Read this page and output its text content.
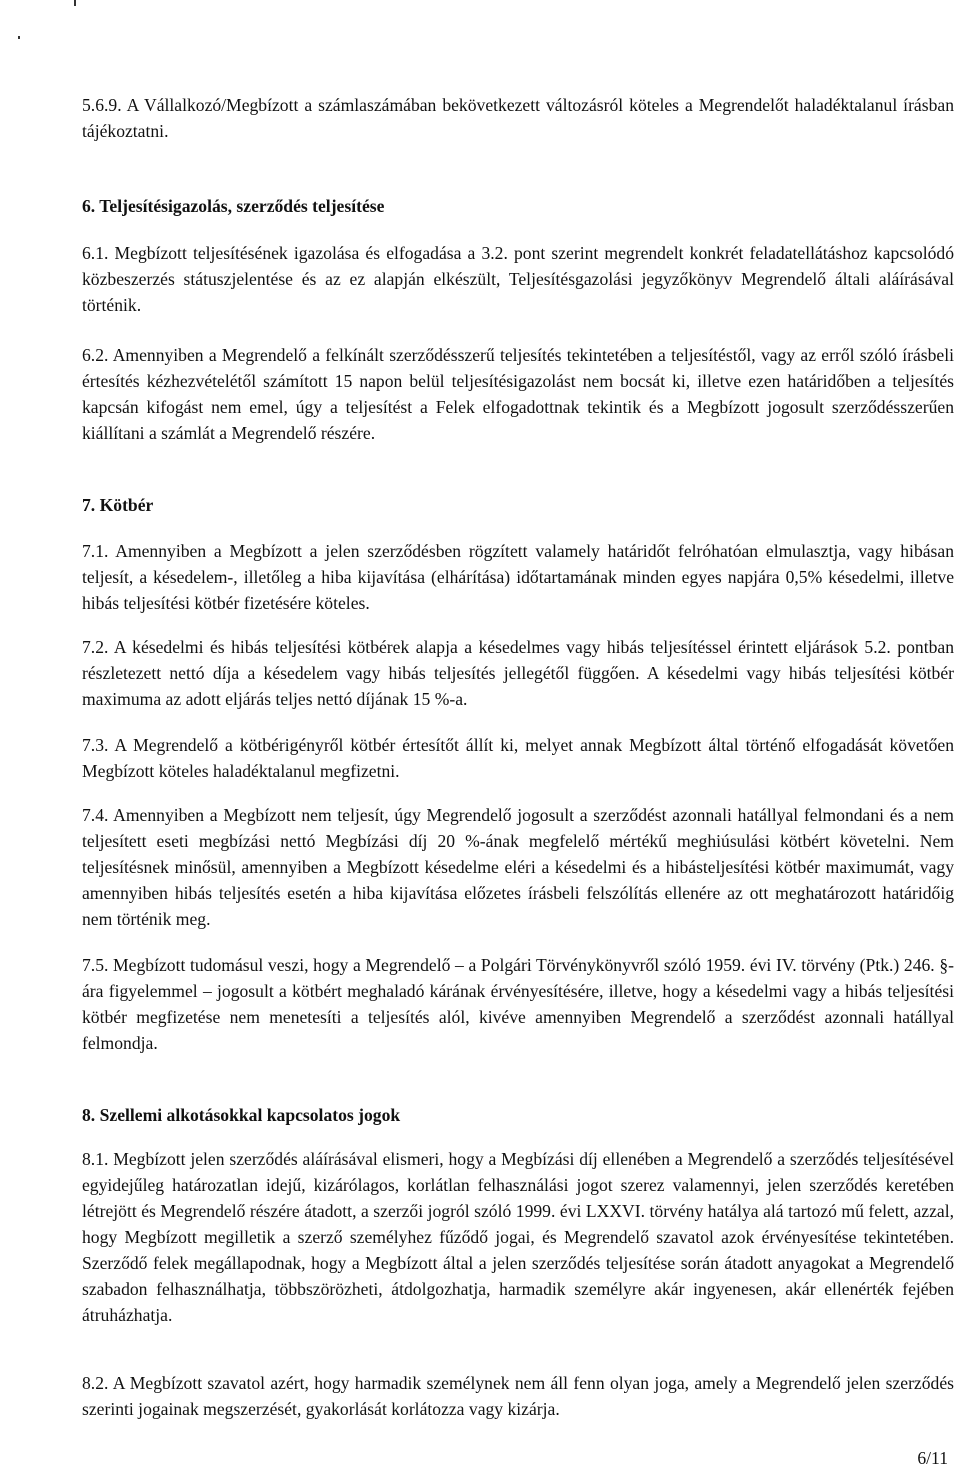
5.6.9. A Vállalkozó/Megbízott a számlaszámában bekövetkezett változásról köteles a Megrendelőt haladéktalanul írásban tájékoztatni.

6. Teljesítésigazolás, szerződés teljesítése

6.1. Megbízott teljesítésének igazolása és elfogadása a 3.2. pont szerint megrendelt konkrét feladatellátáshoz kapcsolódó közbeszerzés státuszjelentése és az ez alapján elkészült, Teljesítésgazolási jegyzőkönyv Megrendelő általi aláírásával történik.

6.2. Amennyiben a Megrendelő a felkínált szerződésszerű teljesítés tekintetében a teljesítéstől, vagy az erről szóló írásbeli értesítés kézhezvételétől számított 15 napon belül teljesítésigazolást nem bocsát ki, illetve ezen határidőben a teljesítés kapcsán kifogást nem emel, úgy a teljesítést a Felek elfogadottnak tekintik és a Megbízott jogosult szerződésszerűen kiállítani a számlát a Megrendelő részére.

7. Kötbér

7.1. Amennyiben a Megbízott a jelen szerződésben rögzített valamely határidőt felróhatóan elmulasztja, vagy hibásan teljesít, a késedelem-, illetőleg a hiba kijavítása (elhárítása) időtartamának minden egyes napjára 0,5% késedelmi, illetve hibás teljesítési kötbér fizetésére köteles.

7.2. A késedelmi és hibás teljesítési kötbérek alapja a késedelmes vagy hibás teljesítéssel érintett eljárások 5.2. pontban részletezett nettó díja a késedelem vagy hibás teljesítés jellegétől függően. A késedelmi vagy hibás teljesítési kötbér maximuma az adott eljárás teljes nettó díjának 15 %-a.

7.3. A Megrendelő a kötbérigényről kötbér értesítőt állít ki, melyet annak Megbízott által történő elfogadását követően Megbízott köteles haladéktalanul megfizetni.

7.4. Amennyiben a Megbízott nem teljesít, úgy Megrendelő jogosult a szerződést azonnali hatállyal felmondani és a nem teljesített eseti megbízási nettó Megbízási díj 20 %-ának megfelelő mértékű meghiúsulási kötbért követelni. Nem teljesítésnek minősül, amennyiben a Megbízott késedelme eléri a késedelmi és a hibásteljesítési kötbér maximumát, vagy amennyiben hibás teljesítés esetén a hiba kijavítása előzetes írásbeli felszólítás ellenére az ott meghatározott határidőig nem történik meg.

7.5. Megbízott tudomásul veszi, hogy a Megrendelő – a Polgári Törvénykönyvről szóló 1959. évi IV. törvény (Ptk.) 246. §-ára figyelemmel – jogosult a kötbért meghaladó kárának érvényesítésére, illetve, hogy a késedelmi vagy a hibás teljesítési kötbér megfizetése nem menetesíti a teljesítés alól, kivéve amennyiben Megrendelő a szerződést azonnali hatállyal felmondja.

8. Szellemi alkotásokkal kapcsolatos jogok

8.1. Megbízott jelen szerződés aláírásával elismeri, hogy a Megbízási díj ellenében a Megrendelő a szerződés teljesítésével egyidejűleg határozatlan idejű, kizárólagos, korlátlan felhasználási jogot szerez valamennyi, jelen szerződés keretében létrejött és Megrendelő részére átadott, a szerzői jogról szóló 1999. évi LXXVI. törvény hatálya alá tartozó mű felett, azzal, hogy Megbízott megilletik a szerző személyhez fűződő jogai, és Megrendelő szavatol azok érvényesítése tekintetében. Szerződő felek megállapodnak, hogy a Megbízott által a jelen szerződés teljesítése során átadott anyagokat a Megrendelő szabadon felhasználhatja, többszörözheti, átdolgozhatja, harmadik személyre akár ingyenesen, akár ellenérték fejében átruházhatja.

8.2. A Megbízott szavatol azért, hogy harmadik személynek nem áll fenn olyan joga, amely a Megrendelő jelen szerződés szerinti jogainak megszerzését, gyakorlását korlátozza vagy kizárja.

6/11
